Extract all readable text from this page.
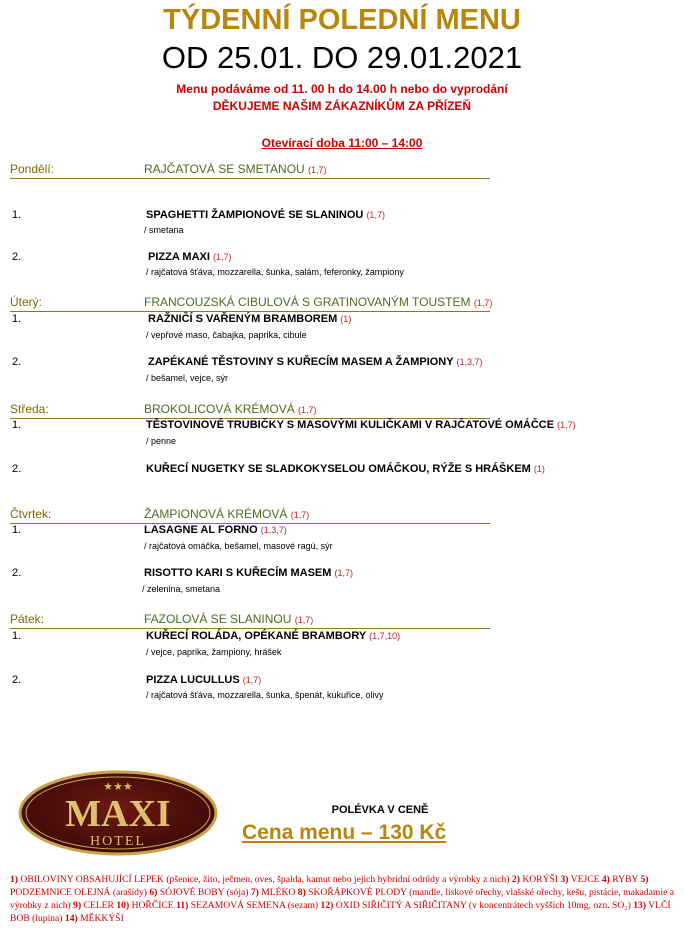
TÝDENNÍ POLEDNÍ MENU
OD 25.01. DO 29.01.2021
Menu podáváme od 11. 00 h do 14.00 h nebo do vyprodání
DĚKUJEME NAŠIM ZÁKAZNÍKŮM ZA PŘÍZEŇ
Otevírací doba 11:00 – 14:00
Pondělí:	RAJČATOVÁ SE SMETANOU (1,7)
1.	SPAGHETTI ŽAMPIONOVÉ SE SLANINOU (1,7)
/ smetana
2.	PIZZA MAXI (1,7)
/ rajčatová šťáva, mozzarella, šunka, salám, feferonky, žampiony
Úterý:	FRANCOUZSKÁ CIBULOVÁ S GRATINOVANÝM TOUSTEM (1,7)
1.	RAŽNIČÍ S VAŘENÝM BRAMBOREM (1)
/ vepřové maso, čabajka, paprika, cibule
2.	ZAPÉKANÉ TĚSTOVINY S KUŘECÍM MASEM A ŽAMPIONY (1,3,7)
/ bešamel, vejce, sýr
Středa:	BROKOLICOVÁ KRÉMOVÁ (1,7)
1.	TĚSTOVINOVÉ TRUBIČKY S MASOVÝMI KULIČKAMI V RAJČATOVÉ OMÁČCE (1,7)
/ penne
2.	KUŘECÍ NUGETKY SE SLADKOKYSELOU OMÁČKOU, RÝŽE S HRÁŠKEM (1)
Čtvrtek:	ŽAMPIONOVÁ KRÉMOVÁ (1,7)
1.	LASAGNE AL FORNO (1,3,7)
/ rajčatová omáčka, bešamel, masové ragú, sýr
2.	RISOTTO KARI S KUŘECÍM MASEM (1,7)
/ zelenina, smetana
Pátek:	FAZOLOVÁ SE SLANINOU (1,7)
1.	KUŘECÍ ROLÁDA, OPÉKANÉ BRAMBORY (1,7,10)
/ vejce, paprika, žampiony, hrášek
2.	PIZZA LUCULLUS (1,7)
/ rajčatová šťáva, mozzarella, šunka, špenát, kukuřice, olivy
★★★
MAXI
HOTEL
POLÉVKA V CENĚ
Cena menu – 130 Kč
1) OBILOVINY OBSAHUJÍCÍ LEPEK (pšenice, žito, ječmen, oves, špalda, kamut nebo jejich hybridní odrůdy a výrobky z nich) 2) KORÝŠI 3) VEJCE 4) RYBY 5) PODZEMNICE OLEJNÁ (arašídy) 6) SÓJOVÉ BOBY (sója) 7) MLÉKO 8) SKOŘÁPKOVÉ PLODY (mandle, lískové ořechy, vlašské ořechy, kešu, pistácie, makadamie a výrobky z nich) 9) CELER 10) HOŘČICE 11) SEZAMOVÁ SEMENA (sezam) 12) OXID SIŘIČITÝ A SIŘIČITANY (v koncentrátech vyšších 10mg, ozn. SO₂) 13) VLČÍ BOB (lupina) 14) MĚKKÝŠI
